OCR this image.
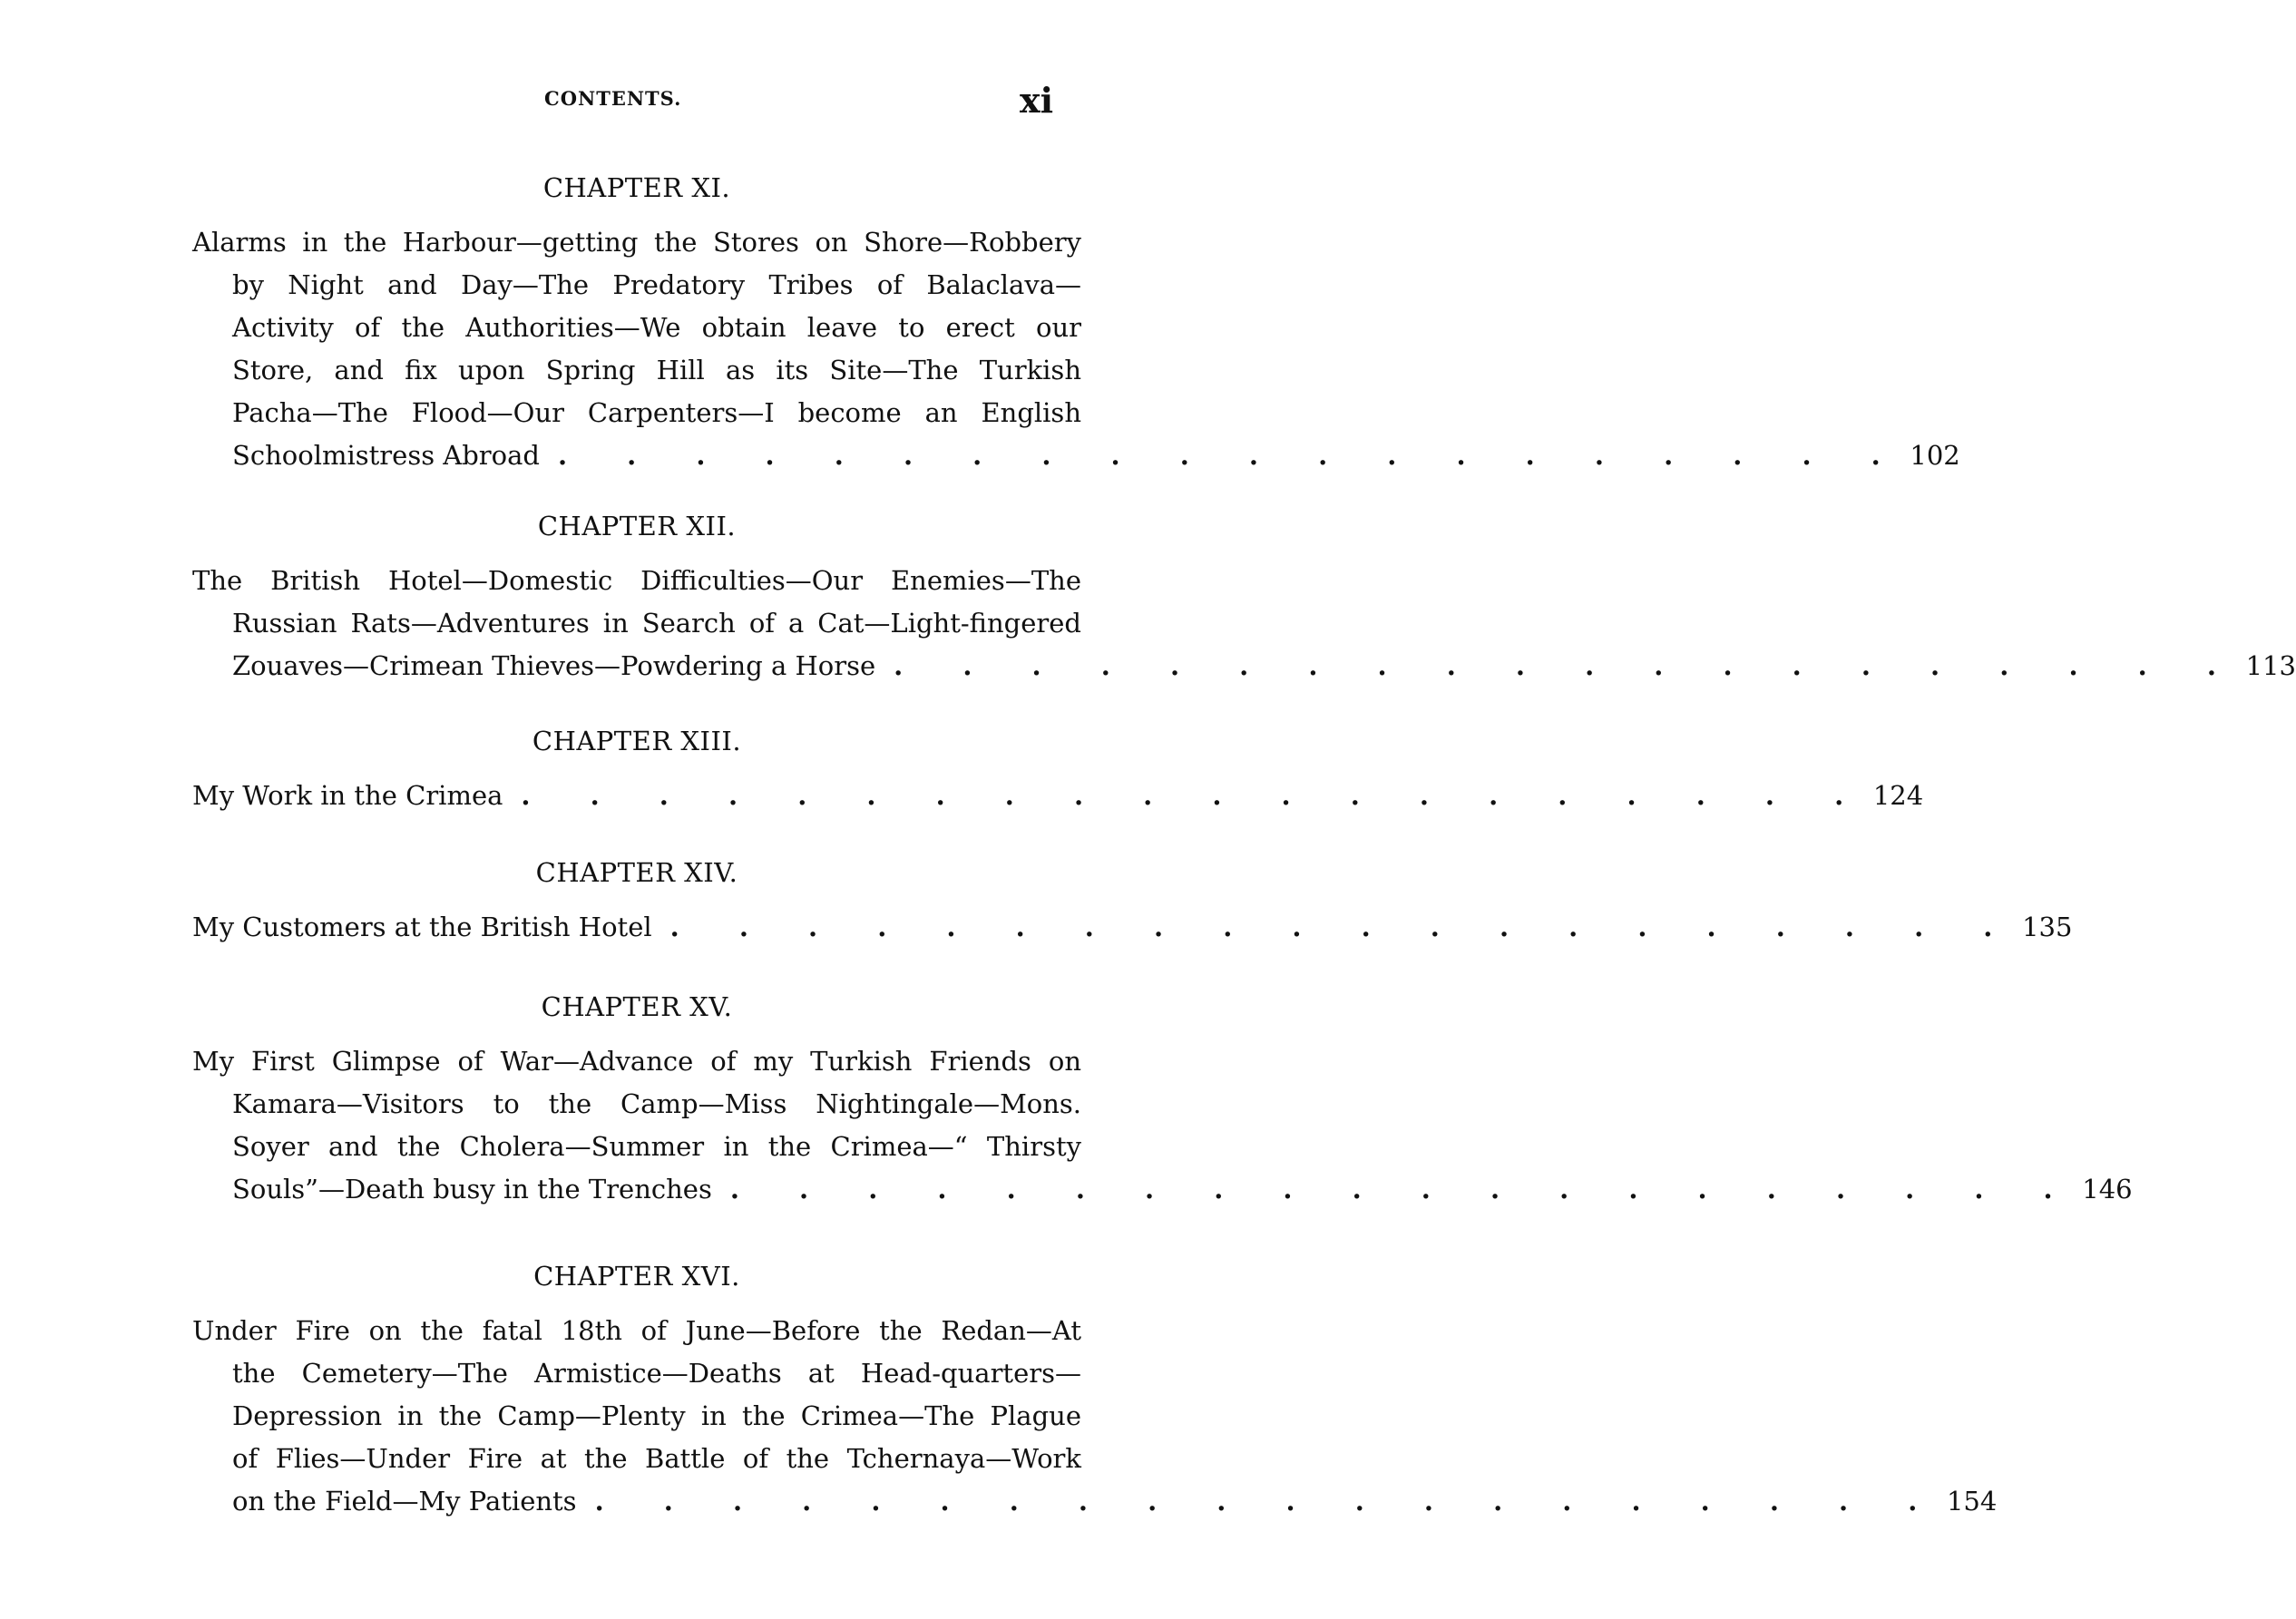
CONTENTS.	xi
CHAPTER XI.
Alarms in the Harbour—getting the Stores on Shore—Robbery
by Night and Day—The Predatory Tribes of Balaclava—
Activity of the Authorities—We obtain leave to erect our
Store, and fix upon Spring Hill as its Site—The Turkish
Pacha—The Flood—Our Carpenters—I become an English
Schoolmistress Abroad . . . . . . . . . . . . . . . . . . . . 102
CHAPTER XII.
The British Hotel—Domestic Difficulties—Our Enemies—The
Russian Rats—Adventures in Search of a Cat—Light-fingered
Zouaves—Crimean Thieves—Powdering a Horse . . . . . . . . . . . . . . . . . . . . 113
CHAPTER XIII.
My Work in the Crimea . . . . . . . . . . . . . . . . . . . . 124
CHAPTER XIV.
My Customers at the British Hotel . . . . . . . . . . . . . . . . . . . . 135
CHAPTER XV.
My First Glimpse of War—Advance of my Turkish Friends on
Kamara—Visitors to the Camp—Miss Nightingale—Mons.
Soyer and the Cholera—Summer in the Crimea—“ Thirsty
Souls”—Death busy in the Trenches . . . . . . . . . . . . . . . . . . . . 146
CHAPTER XVI.
Under Fire on the fatal 18th of June—Before the Redan—At
the Cemetery—The Armistice—Deaths at Head-quarters—
Depression in the Camp—Plenty in the Crimea—The Plague
of Flies—Under Fire at the Battle of the Tchernaya—Work
on the Field—My Patients . . . . . . . . . . . . . . . . . . . . 154
